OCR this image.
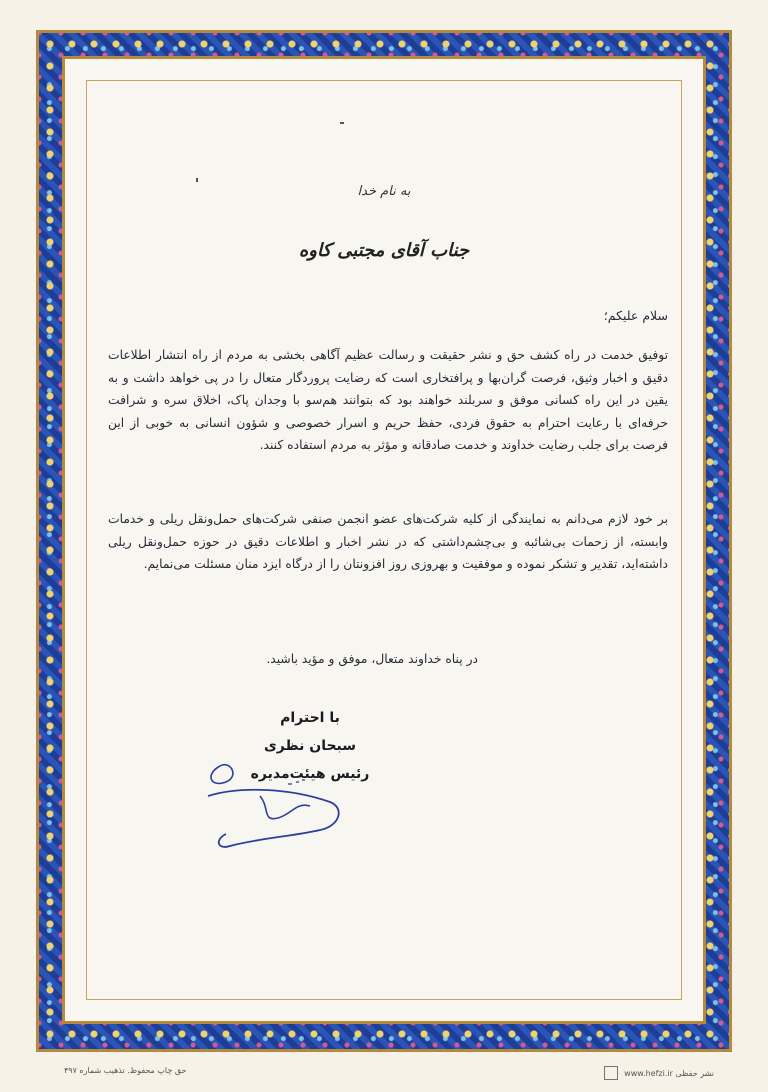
به نام خدا
جناب آقای مجتبی کاوه
سلام علیکم؛
توفیق خدمت در راه کشف حق و نشر حقیقت و رسالت عظیم آگاهی بخشی به مردم از راه انتشار اطلاعات دقیق و اخبار وثیق، فرصت گران‌بها و پرافتخاری است که رضایت پروردگار متعال را در پی خواهد داشت و به یقین در این راه کسانی موفق و سربلند خواهند بود که بتوانند هم‌سو با وجدان پاک، اخلاق سره و شرافت حرفه‌ای با رعایت احترام به حقوق فردی، حفظ حریم و اسرار خصوصی و شؤون انسانی به خوبی از این فرصت برای جلب رضایت خداوند و خدمت صادقانه و مؤثر به مردم استفاده کنند.
بر خود لازم می‌دانم به نمایندگی از کلیه شرکت‌های عضو انجمن صنفی شرکت‌های حمل‌ونقل ریلی و خدمات وابسته، از زحمات بی‌شائبه و بی‌چشم‌داشتی که در نشر اخبار و اطلاعات دقیق در حوزه حمل‌ونقل ریلی داشته‌اید، تقدیر و تشکر نموده و موفقیت و بهروزی روز افزونتان را از درگاه ایزد منان مسئلت می‌نمایم.
در پناه خداوند متعال، موفق و مؤید باشید.
با احترام
سبحان نظری
رئیس هیئت‌مدیره
حق چاپ محفوظ. تذهیب شماره ۴۹۷	نشر حفظی www.hefzi.ir
